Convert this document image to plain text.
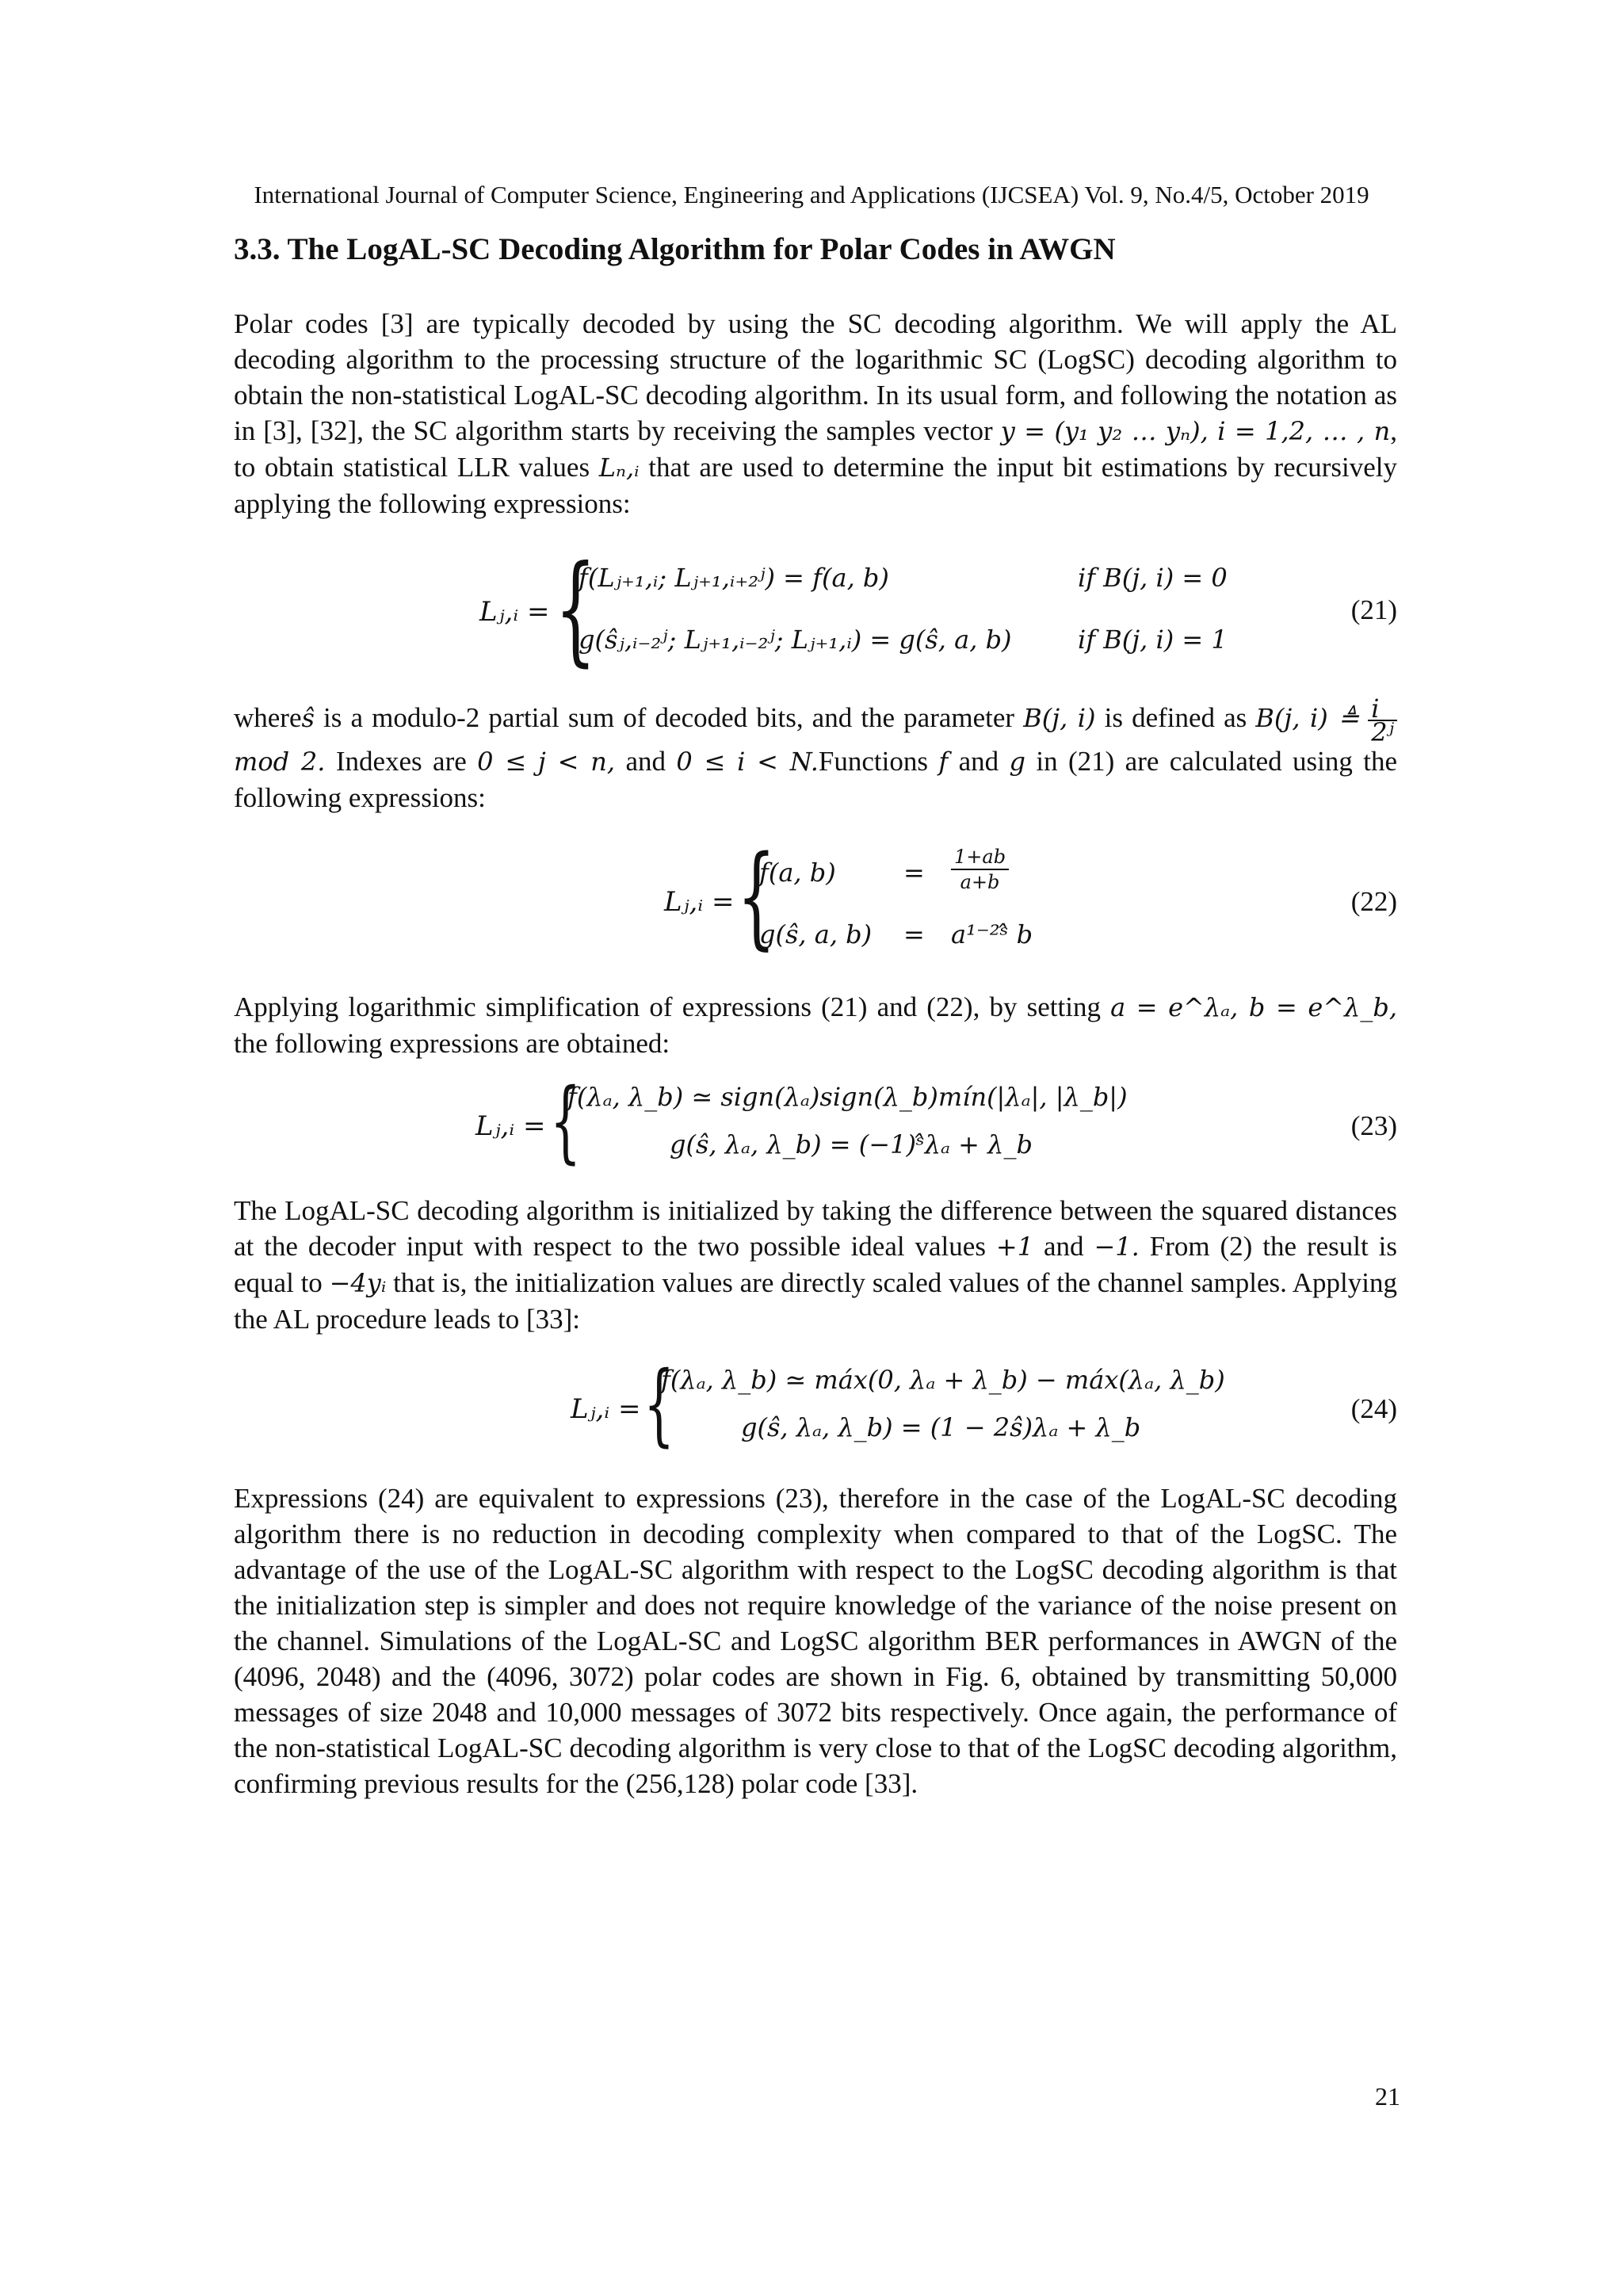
International Journal of Computer Science, Engineering and Applications (IJCSEA) Vol. 9, No.4/5, October 2019
3.3. The LogAL-SC Decoding Algorithm for Polar Codes in AWGN
Polar codes [3] are typically decoded by using the SC decoding algorithm. We will apply the AL decoding algorithm to the processing structure of the logarithmic SC (LogSC) decoding algorithm to obtain the non-statistical LogAL-SC decoding algorithm. In its usual form, and following the notation as in [3], [32], the SC algorithm starts by receiving the samples vector y = (y₁ y₂ … yₙ), i = 1,2, … , n, to obtain statistical LLR values Lₙ,ᵢ that are used to determine the input bit estimations by recursively applying the following expressions:
Lⱼ,ᵢ = {
f(Lⱼ₊₁,ᵢ; Lⱼ₊₁,ᵢ₊₂ʲ) = f(a, b)	if B(j, i) = 0
g(ŝⱼ,ᵢ₋₂ʲ; Lⱼ₊₁,ᵢ₋₂ʲ; Lⱼ₊₁,ᵢ) = g(ŝ, a, b)	if B(j, i) = 1
(21)
whereŝ is a modulo-2 partial sum of decoded bits, and the parameter B(j, i) is defined as B(j, i) ≜ $\frac{i}{\text{2ʲ}}$
mod 2. Indexes are 0 ≤ j < n, and 0 ≤ i < N.Functions f and g in (21) are calculated using the following expressions:
Lⱼ,ᵢ = {
f(a, b)	= $\frac{1+ab}{a+b}$
g(ŝ, a, b) = a¹⁻²ˢ̂ b
(22)
Applying logarithmic simplification of expressions (21) and (22), by setting a = e^λₐ, b = e^λ_b, the following expressions are obtained:
Lⱼ,ᵢ = {
f(λₐ, λ_b) ≃ sign(λₐ)sign(λ_b)mín(|λₐ|, |λ_b|)
g(ŝ, λₐ, λ_b) = (−1)ˢ̂λₐ + λ_b
(23)
The LogAL-SC decoding algorithm is initialized by taking the difference between the squared distances at the decoder input with respect to the two possible ideal values +1 and −1. From (2) the result is equal to −4yᵢ that is, the initialization values are directly scaled values of the channel samples. Applying the AL procedure leads to [33]:
Lⱼ,ᵢ = {
f(λₐ, λ_b) ≃ máx(0, λₐ + λ_b) − máx(λₐ, λ_b)
g(ŝ, λₐ, λ_b) = (1 − 2ŝ)λₐ + λ_b
(24)
Expressions (24) are equivalent to expressions (23), therefore in the case of the LogAL-SC decoding algorithm there is no reduction in decoding complexity when compared to that of the LogSC. The advantage of the use of the LogAL-SC algorithm with respect to the LogSC decoding algorithm is that the initialization step is simpler and does not require knowledge of the variance of the noise present on the channel. Simulations of the LogAL-SC and LogSC algorithm BER performances in AWGN of the (4096, 2048) and the (4096, 3072) polar codes are shown in Fig. 6, obtained by transmitting 50,000 messages of size 2048 and 10,000 messages of 3072 bits respectively. Once again, the performance of the non-statistical LogAL-SC decoding algorithm is very close to that of the LogSC decoding algorithm, confirming previous results for the (256,128) polar code [33].
21
